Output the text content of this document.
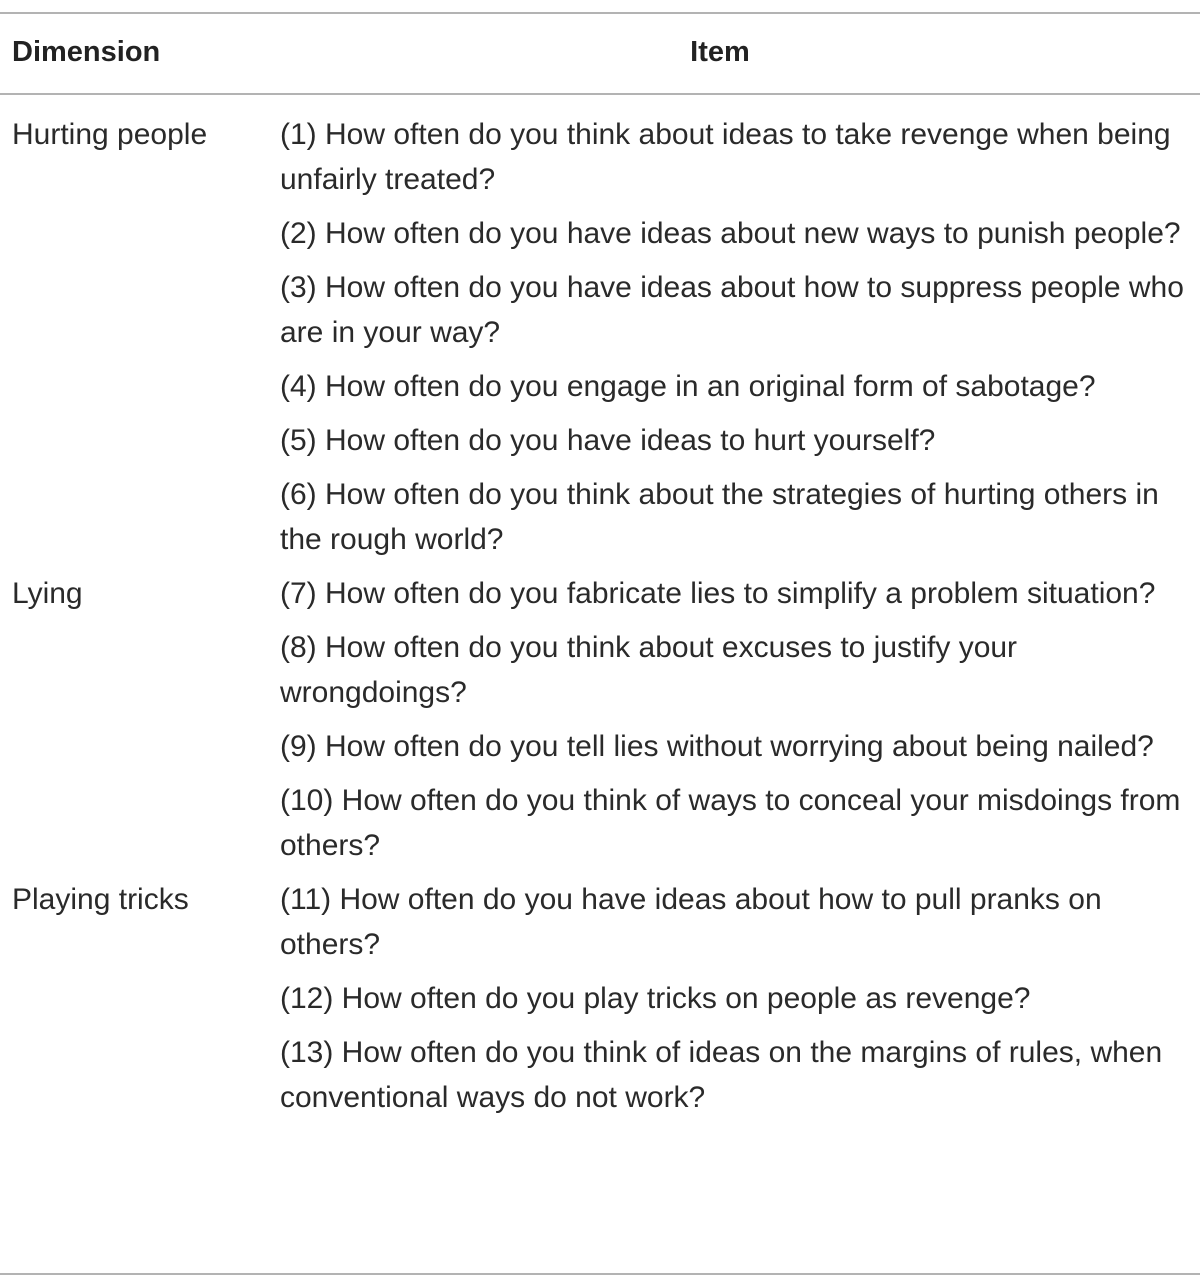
Dimension	Item
Hurting people	(1) How often do you think about ideas to take revenge when being unfairly treated?
(2) How often do you have ideas about new ways to punish people?
(3) How often do you have ideas about how to suppress people who are in your way?
(4) How often do you engage in an original form of sabotage?
(5) How often do you have ideas to hurt yourself?
(6) How often do you think about the strategies of hurting others in the rough world?
Lying	(7) How often do you fabricate lies to simplify a problem situation?
(8) How often do you think about excuses to justify your wrongdoings?
(9) How often do you tell lies without worrying about being nailed?
(10) How often do you think of ways to conceal your misdoings from others?
Playing tricks	(11) How often do you have ideas about how to pull pranks on others?
(12) How often do you play tricks on people as revenge?
(13) How often do you think of ideas on the margins of rules, when conventional ways do not work?
